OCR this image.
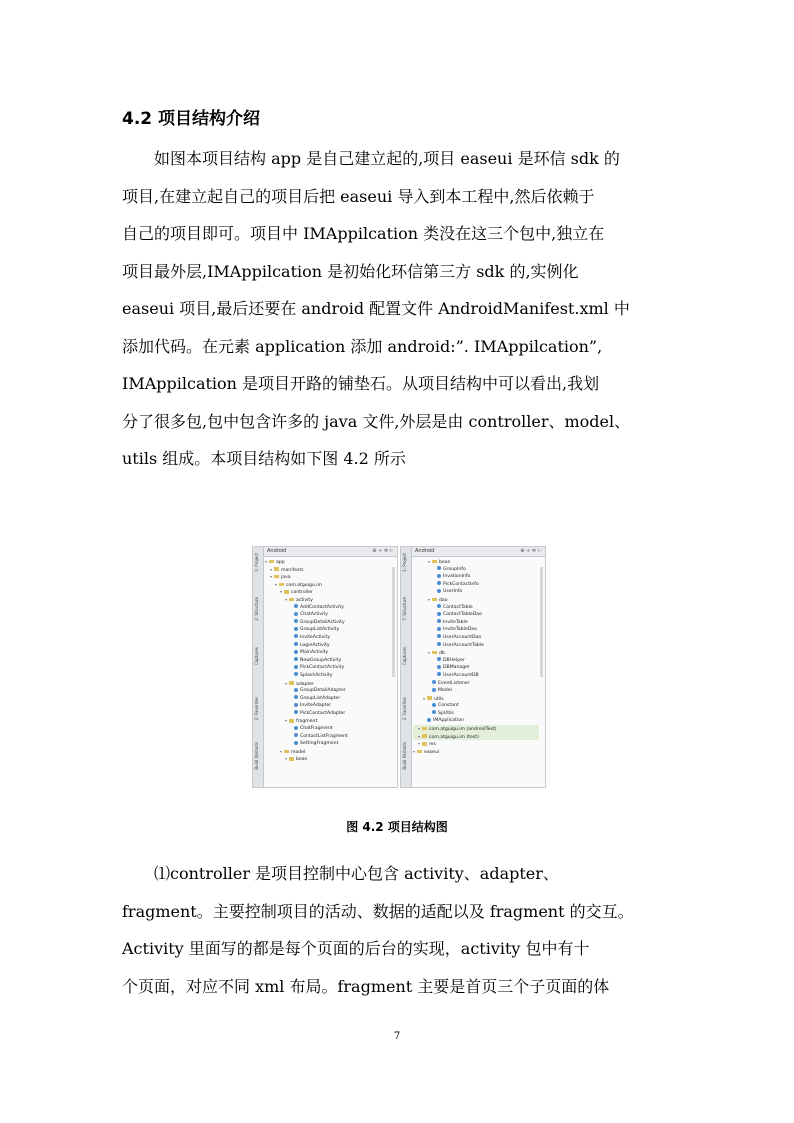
4.2 项目结构介绍
　　如图本项目结构 app 是自己建立起的,项目 easeui 是环信 sdk 的
项目,在建立起自己的项目后把 easeui 导入到本工程中,然后依赖于
自己的项目即可。项目中 IMAppilcation 类没在这三个包中,独立在
项目最外层,IMAppilcation 是初始化环信第三方 sdk 的,实例化
easeui 项目,最后还要在 android 配置文件 AndroidManifest.xml 中
添加代码。在元素 application 添加 android:”. IMAppilcation”,
IMAppilcation 是项目开路的铺垫石。从项目结构中可以看出,我划
分了很多包,包中包含许多的 java 文件,外层是由 controller、model、
utils 组成。本项目结构如下图 4.2 所示
1: Project
2: Structure
Captures
2: Favorites
Build Variants
Android	⊕ ÷ ✲ ⊢
▾ app
▾ manifests
▾ java
▾ com.atguigu.im
▾ controller
▾ activity
AddContactActivity
ChatActivity
GroupDetailActivity
GroupListActivity
InviteActivity
LoginActivity
MainActivity
NewGroupActivity
PickContactActivity
SplashActivity
▾ adapter
GroupDetailAdapter
GroupListAdapter
InviteAdapter
PickContactAdapter
▾ fragment
ChatFragment
ContactListFragment
SettingFragment
▾ model
▾ bean
1: Project
7: Structure
Captures
2: Favorites
Build Variants
Android	⊕ ÷ ✲ ⊢
▾ bean
GroupInfo
InvationInfo
PickContactInfo
UserInfo
▾ dao
ContactTable
ContactTableDao
InviteTable
InviteTableDao
UserAccountDao
UserAccountTable
▾ db
DBHelper
DBManager
UserAccountDB
EventListener
Model
▾ utils
Constant
SpUtils
IMApplication
▾ com.atguigu.im (androidTest)
▾ com.atguigu.im (test)
▾ res
▾ easeui
图 4.2 项目结构图
　　⑴controller 是项目控制中心包含 activity、adapter、
fragment。主要控制项目的活动、数据的适配以及 fragment 的交互。
Activity 里面写的都是每个页面的后台的实现，activity 包中有十
个页面，对应不同 xml 布局。fragment 主要是首页三个子页面的体
7
